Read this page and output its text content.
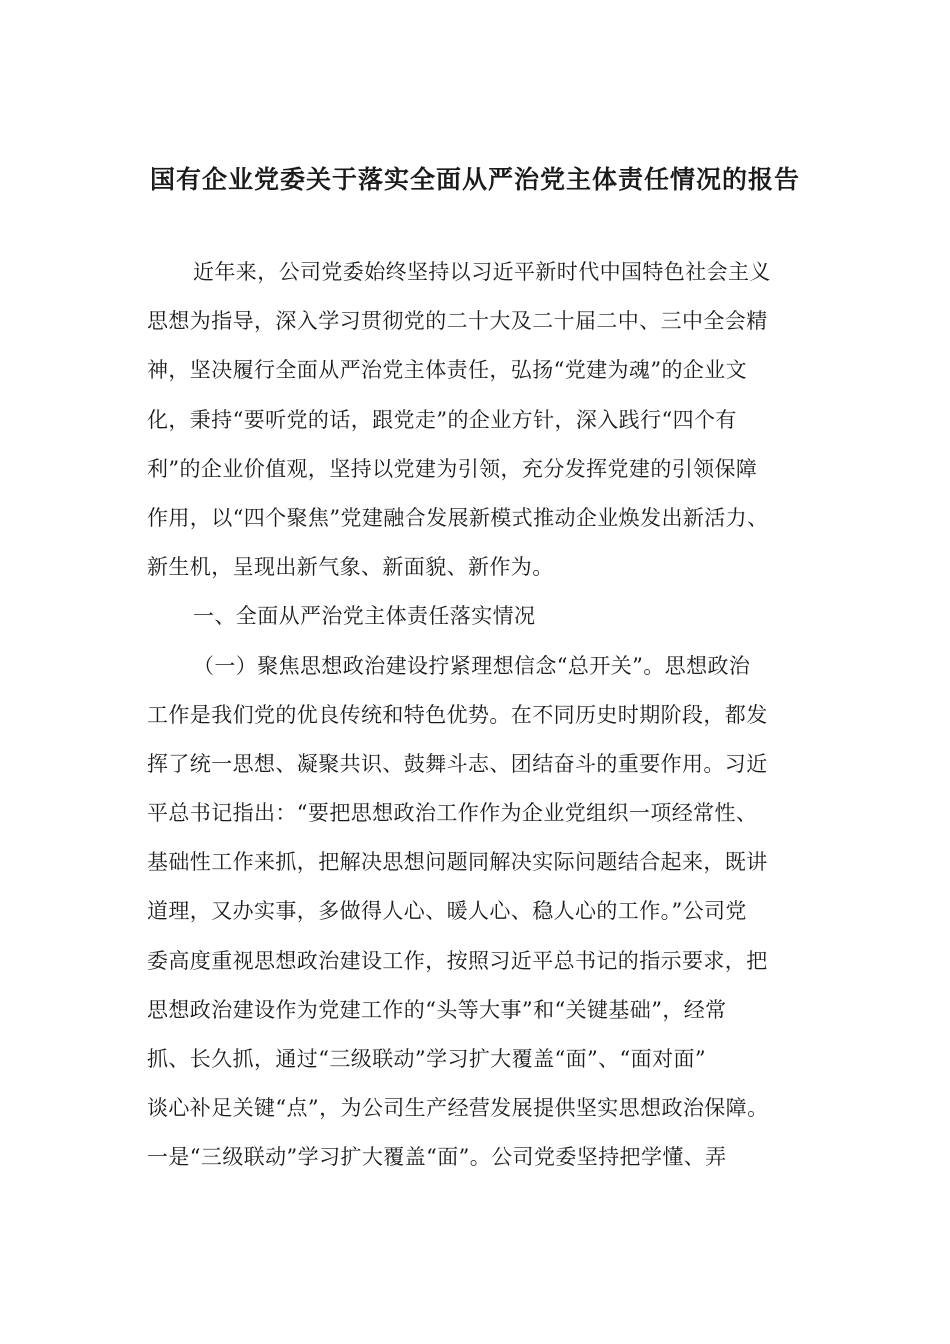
国有企业党委关于落实全面从严治党主体责任情况的报告
近年来，公司党委始终坚持以习近平新时代中国特色社会主义
思想为指导，深入学习贯彻党的二十大及二十届二中、三中全会精
神，坚决履行全面从严治党主体责任，弘扬“党建为魂”的企业文
化，秉持“要听党的话，跟党走”的企业方针，深入践行“四个有
利”的企业价值观，坚持以党建为引领，充分发挥党建的引领保障
作用，以“四个聚焦”党建融合发展新模式推动企业焕发出新活力、
新生机，呈现出新气象、新面貌、新作为。
一、全面从严治党主体责任落实情况
（一）聚焦思想政治建设拧紧理想信念“总开关”。思想政治
工作是我们党的优良传统和特色优势。在不同历史时期阶段，都发
挥了统一思想、凝聚共识、鼓舞斗志、团结奋斗的重要作用。习近
平总书记指出：“要把思想政治工作作为企业党组织一项经常性、
基础性工作来抓，把解决思想问题同解决实际问题结合起来，既讲
道理，又办实事，多做得人心、暖人心、稳人心的工作。”公司党
委高度重视思想政治建设工作，按照习近平总书记的指示要求，把
思想政治建设作为党建工作的“头等大事”和“关键基础”，经常
抓、长久抓，通过“三级联动”学习扩大覆盖“面”、“面对面”
谈心补足关键“点”，为公司生产经营发展提供坚实思想政治保障。
一是“三级联动”学习扩大覆盖“面”。公司党委坚持把学懂、弄
